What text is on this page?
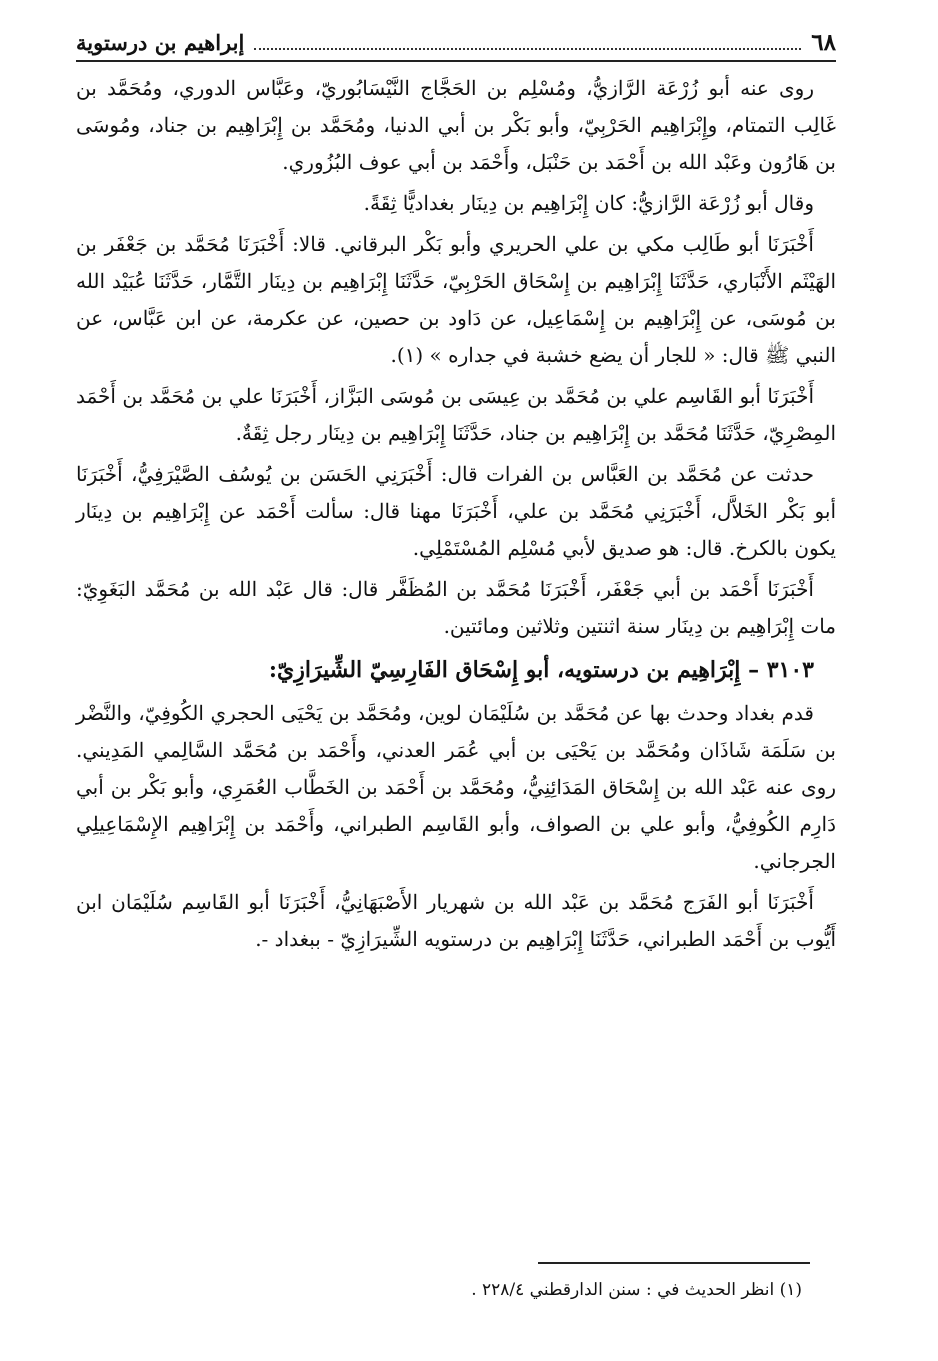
٦٨
إبراهيم بن درستوية

روى عنه أبو زُرْعَة الرَّازيُّ، ومُسْلِم بن الحَجَّاج النَّيْسَابُوريّ، وعَبَّاس الدوري، ومُحَمَّد بن غَالِب التمتام، وإِبْرَاهِيم الحَرْبِيّ، وأبو بَكْر بن أبي الدنيا، ومُحَمَّد بن إِبْرَاهِيم بن جناد، ومُوسَى بن هَارُون وعَبْد الله بن أَحْمَد بن حَنْبَل، وأَحْمَد بن أبي عوف البُزُوري.

وقال أبو زُرْعَة الرَّازيُّ: كان إِبْرَاهِيم بن دِينَار بغداديًّا ثِقَةً.

أَخْبَرَنَا أبو طَالِب مكي بن علي الحريري وأبو بَكْر البرقاني. قالا: أَخْبَرَنَا مُحَمَّد بن جَعْفَر بن الهَيْثَم الأَنْبَاري، حَدَّثَنَا إِبْرَاهِيم بن إِسْحَاق الحَرْبِيّ، حَدَّثَنَا إِبْرَاهِيم بن دِينَار التَّمَّار، حَدَّثَنَا عُبَيْد الله بن مُوسَى، عن إِبْرَاهِيم بن إِسْمَاعِيل، عن دَاود بن حصين، عن عكرمة، عن ابن عَبَّاس، عن النبي ﷺ قال: « للجار أن يضع خشبة في جداره » (١).

أَخْبَرَنَا أبو القَاسِم علي بن مُحَمَّد بن عِيسَى بن مُوسَى البَزَّاز، أَخْبَرَنَا علي بن مُحَمَّد بن أَحْمَد المِصْرِيّ، حَدَّثَنَا مُحَمَّد بن إِبْرَاهِيم بن جناد، حَدَّثَنَا إِبْرَاهِيم بن دِينَار رجل ثِقَةٌ.

حدثت عن مُحَمَّد بن العَبَّاس بن الفرات قال: أَخْبَرَنِي الحَسَن بن يُوسُف الصَّيْرَفِيُّ، أَخْبَرَنَا أبو بَكْر الخَلاَّل، أَخْبَرَنِي مُحَمَّد بن علي، أَخْبَرَنَا مهنا قال: سألت أَحْمَد عن إِبْرَاهِيم بن دِينَار يكون بالكرخ. قال: هو صديق لأبي مُسْلِم المُسْتَمْلِي.

أَخْبَرَنَا أَحْمَد بن أبي جَعْفَر، أَخْبَرَنَا مُحَمَّد بن المُظَفَّر قال: قال عَبْد الله بن مُحَمَّد البَغَوِيّ: مات إِبْرَاهِيم بن دِينَار سنة اثنتين وثلاثين ومائتين.

٣١٠٣ – إِبْرَاهِيم بن درستويه، أبو إِسْحَاق الفَارِسِيّ الشِّيرَازِيّ:

قدم بغداد وحدث بها عن مُحَمَّد بن سُلَيْمَان لوين، ومُحَمَّد بن يَحْيَى الحجري الكُوفِيّ، والنَّضْر بن سَلَمَة شَاذَان ومُحَمَّد بن يَحْيَى بن أبي عُمَر العدني، وأَحْمَد بن مُحَمَّد السَّالِمي المَدِيني. روى عنه عَبْد الله بن إِسْحَاق المَدَائِنِيُّ، ومُحَمَّد بن أَحْمَد بن الخَطَّاب العُمَرِي، وأبو بَكْر بن أبي دَارِم الكُوفِيُّ، وأبو علي بن الصواف، وأبو القَاسِم الطبراني، وأَحْمَد بن إِبْرَاهِيم الإِسْمَاعِيلِي الجرجاني.

أَخْبَرَنَا أبو الفَرَج مُحَمَّد بن عَبْد الله بن شهريار الأَصْبَهَانِيُّ، أَخْبَرَنَا أبو القَاسِم سُلَيْمَان ابن أَيُّوب بن أَحْمَد الطبراني، حَدَّثَنَا إِبْرَاهِيم بن درستويه الشِّيرَازِيّ - ببغداد -.

(١) انظر الحديث في : سنن الدارقطني ٢٢٨/٤ .
